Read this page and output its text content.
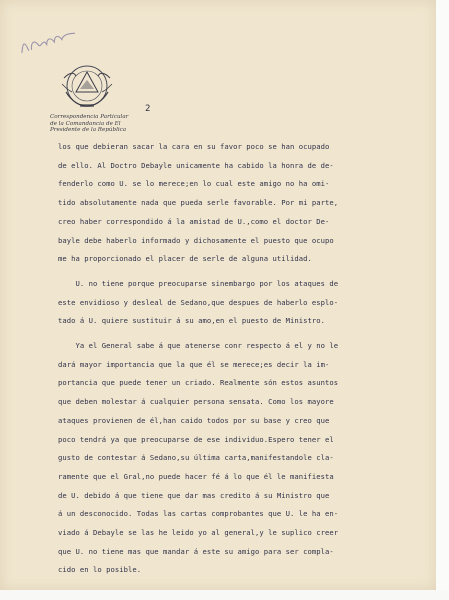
Correspondencia Particular
de la Comandancia de El
Presidente de la República
2

los que debieran sacar la cara en su favor poco se han ocupado
de ello. Al Doctro Debayle unicamente ha cabido la honra de de-
fenderlo como U. se lo merece;en lo cual este amigo no ha omi-
tido absolutamente nada que pueda serle favorable. Por mi parte,
creo haber correspondido á la amistad de U.,como el doctor De-
bayle debe haberlo informado y dichosamente el puesto que ocupo
me ha proporcionado el placer de serle de alguna utilidad.

U. no tiene porque preocuparse sinembargo por los ataques de
este envidioso y desleal de Sedano,que despues de haberlo esplo-
tado á U. quiere sustituir á su amo,en el puesto de Ministro.

Ya el General sabe á que atenerse conr respecto á el y no le
dará mayor importancia que la que él se merece;es decir la im-
portancia que puede tener un criado. Realmente són estos asuntos
que deben molestar á cualquier persona sensata. Como los mayore
ataques provienen de él,han caido todos por su base y creo que
poco tendrá ya que preocuparse de ese individuo.Espero tener el
gusto de contestar á Sedano,su última carta,manifestandole cla-
ramente que el Gral,no puede hacer fé á lo que él le manifiesta
de U. debido á que tiene que dar mas credito á su Ministro que
á un desconocido. Todas las cartas comprobantes que U. le ha en-
viado á Debayle se las he leido yo al general,y le suplico creer
que U. no tiene mas que mandar á este su amigo para ser compla-
cido en lo posible.
